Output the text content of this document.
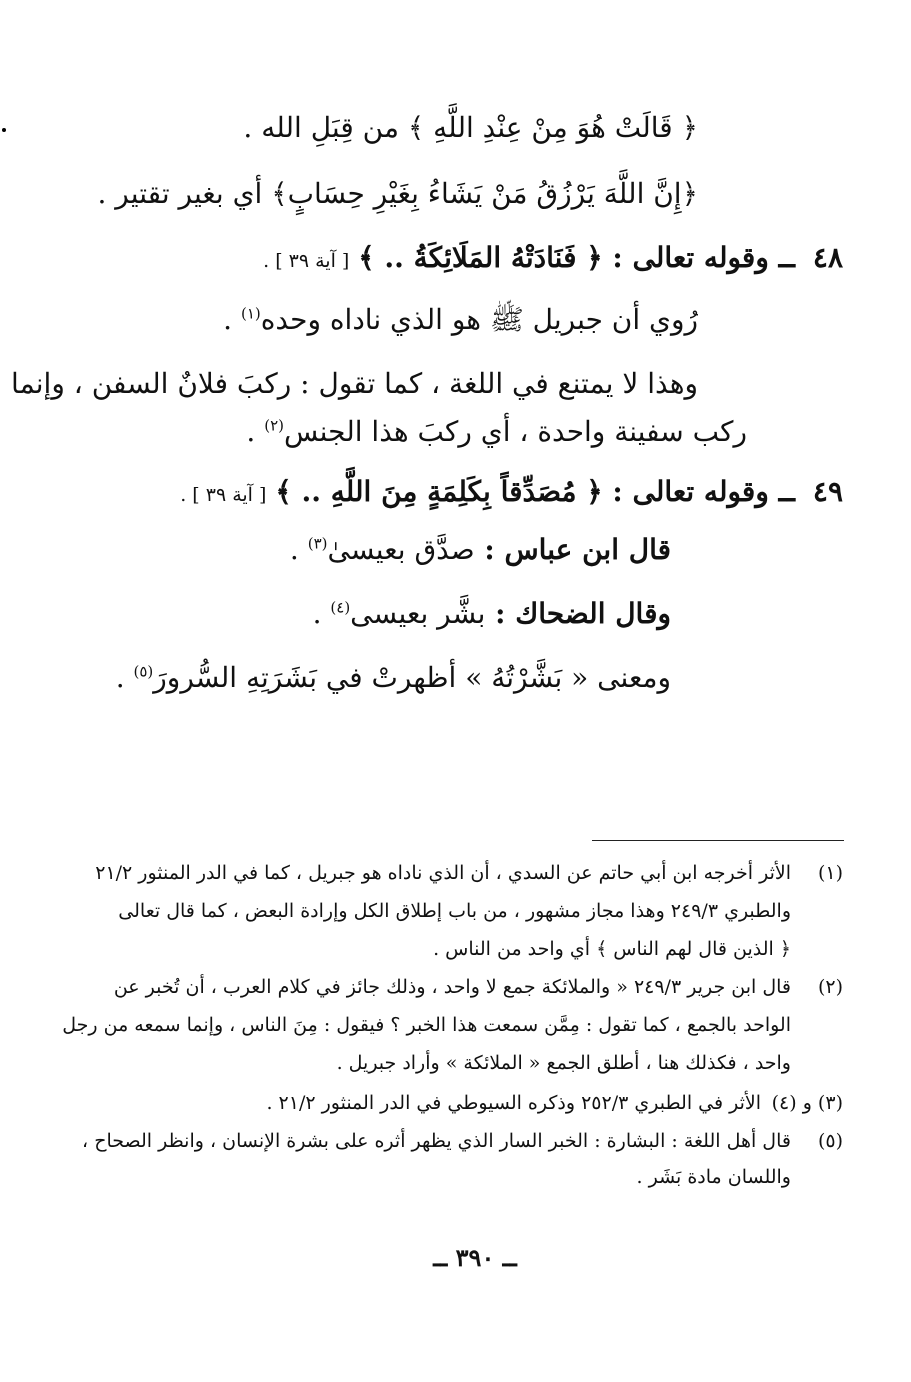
﴿ قَالَتْ هُوَ مِنْ عِنْدِ اللَّهِ ﴾ من قِبَلِ الله .
﴿إِنَّ اللَّهَ يَرْزُقُ مَنْ يَشَاءُ بِغَيْرِ حِسَابٍ﴾ أي بغير تقتير .
٤٨
ــ وقوله تعالى : ﴿ فَنَادَتْهُ المَلَائِكَةُ .. ﴾ [ آية ٣٩ ] .
رُوي أن جبريل ﷺ هو الذي ناداه وحده$^{(١)}$ .
وهذا لا يمتنع في اللغة ، كما تقول : ركبَ فلانٌ السفن ، وإنما
ركب سفينة واحدة ، أي ركبَ هذا الجنس$^{(٢)}$ .
٤٩
ــ وقوله تعالى : ﴿ مُصَدِّقاً بِكَلِمَةٍ مِنَ اللَّهِ .. ﴾ [ آية ٣٩ ] .
قال ابن عباس : صدَّق بعيسىٰ$^{(٣)}$ .
وقال الضحاك : بشَّر بعيسى$^{(٤)}$ .
ومعنى « بَشَّرْتُهُ » أظهرتْ في بَشَرَتِهِ السُّرورَ$^{(٥)}$ .
(١)
الأثر أخرجه ابن أبي حاتم عن السدي ، أن الذي ناداه هو جبريل ، كما في الدر المنثور ٢١/٢
والطبري ٢٤٩/٣ وهذا مجاز مشهور ، من باب إطلاق الكل وإرادة البعض ، كما قال تعالى
﴿ الذين قال لهم الناس ﴾ أي واحد من الناس .
(٢)
قال ابن جرير ٢٤٩/٣ « والملائكة جمع لا واحد ، وذلك جائز في كلام العرب ، أن تُخبر عن
الواحد بالجمع ، كما تقول : مِمَّن سمعت هذا الخبر ؟ فيقول : مِنَ الناس ، وإنما سمعه من رجل
واحد ، فكذلك هنا ، أطلق الجمع « الملائكة » وأراد جبريل .
(٣) و (٤)
الأثر في الطبري ٢٥٢/٣ وذكره السيوطي في الدر المنثور ٢١/٢ .
(٥)
قال أهل اللغة : البشارة : الخبر السار الذي يظهر أثره على بشرة الإنسان ، وانظر الصحاح ،
واللسان مادة بَشَر .
ــ ٣٩٠ ــ
